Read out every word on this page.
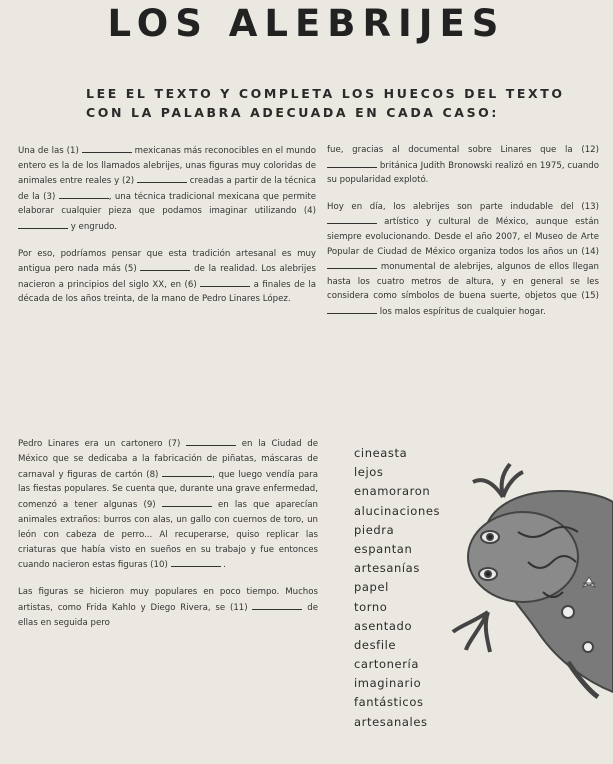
LOS ALEBRIJES
LEE EL TEXTO Y COMPLETA LOS HUECOS DEL TEXTO CON LA PALABRA ADECUADA EN CADA CASO:

Una de las (1)	mexicanas más reconocibles en el mundo entero es la de los llamados alebrijes, unas figuras muy coloridas de animales entre reales y (2)	creadas a partir de la técnica de la (3)	, una técnica tradicional mexicana que permite elaborar cualquier pieza que podamos imaginar utilizando (4)  y engrudo.

Por eso, podríamos pensar que esta tradición artesanal es muy antigua pero nada más (5)	de la realidad. Los alebrijes nacieron a principios del siglo XX, en (6)	a finales de la década de los años treinta, de la mano de Pedro Linares López.

fue, gracias al documental sobre Linares que la (12)  británica Judith Bronowski realizó en 1975, cuando su popularidad explotó.

Hoy en día, los alebrijes son parte indudable del (13)  artístico y cultural de México, aunque están siempre evolucionando. Desde el año 2007, el Museo de Arte Popular de Ciudad de México organiza todos los años un (14)  monumental de alebrijes, algunos de ellos llegan hasta los cuatro metros de altura, y en general se les considera como símbolos de buena suerte, objetos que (15)  los malos espíritus de cualquier hogar.

Pedro Linares era un cartonero (7)	en la Ciudad de México que se dedicaba a la fabricación de piñatas, máscaras de carnaval y figuras de cartón (8)	, que luego vendía para las fiestas populares. Se cuenta que, durante una grave enfermedad, comenzó a tener algunas (9)	en las que aparecían animales extraños: burros con alas, un gallo con cuernos de toro, un león con cabeza de perro... Al recuperarse, quiso replicar las criaturas que había visto en sueños en su trabajo y fue entonces cuando nacieron estas figuras (10)	.

Las figuras se hicieron muy populares en poco tiempo. Muchos artistas, como Frida Kahlo y Diego Rivera, se (11)	de ellas en seguida pero

cineasta
lejos
enamoraron
alucinaciones
piedra
espantan
artesanías
papel
torno
asentado
desfile
cartonería
imaginario
fantásticos
artesanales
